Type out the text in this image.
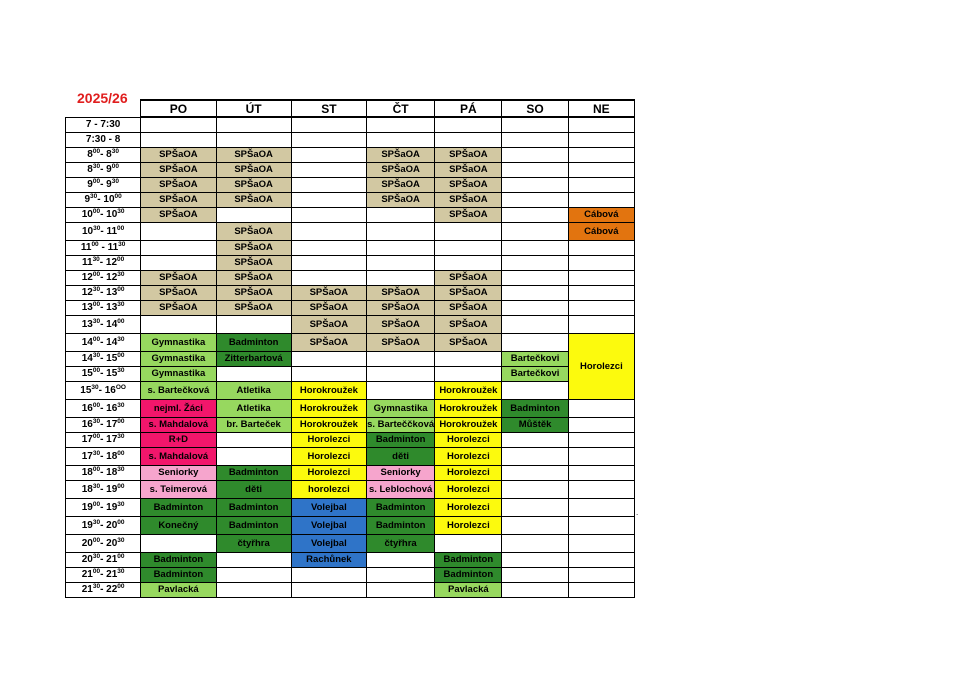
2025/26
	PO	ÚT	ST	ČT	PÁ	SO	NE
7 - 7:30							
7:30 - 8							
$8^{00}-$ $8^{30}$	SPŠaOA	SPŠaOA		SPŠaOA	SPŠaOA		
$8^{30}-$ $9^{00}$	SPŠaOA	SPŠaOA		SPŠaOA	SPŠaOA		
$9^{00}-$ $9^{30}$	SPŠaOA	SPŠaOA		SPŠaOA	SPŠaOA		
$9^{30}-$ $10^{00}$	SPŠaOA	SPŠaOA		SPŠaOA	SPŠaOA		
$10^{00}-$ $10^{30}$	SPŠaOA				SPŠaOA		Cábová
$10^{30}-$ $11^{00}$		SPŠaOA					Cábová
$11^{00} - 11^{30}$		SPŠaOA					
$11^{30}-$ $12^{00}$		SPŠaOA					
$12^{00}-$ $12^{30}$	SPŠaOA	SPŠaOA			SPŠaOA		
$12^{30}-$ $13^{00}$	SPŠaOA	SPŠaOA	SPŠaOA	SPŠaOA	SPŠaOA		
$13^{00}-$ $13^{30}$	SPŠaOA	SPŠaOA	SPŠaOA	SPŠaOA	SPŠaOA		
$13^{30}-$ $14^{00}$			SPŠaOA	SPŠaOA	SPŠaOA		
$14^{00}-$ $14^{30}$	Gymnastika	Badminton	SPŠaOA	SPŠaOA	SPŠaOA		Horolezci
$14^{30}-$ $15^{00}$	Gymnastika	Zitterbartová				Bartečkovi	
$15^{00}-$ $15^{30}$	Gymnastika					Bartečkovi	
$15^{30}-$ $16^{OO}$	s. Bartečková	Atletika	Horokroužek		Horokroužek		
$16^{00}-$ $16^{30}$	nejml. Žáci	Atletika	Horokroužek	Gymnastika	Horokroužek	Badminton	
$16^{30}-$ $17^{00}$	s. Mahdalová	br. Barteček	Horokroužek	s. Barteččková	Horokroužek	Můštěk	
$17^{00}-$ $17^{30}$	R+D		Horolezci	Badminton	Horolezci		
$17^{30}-$ $18^{00}$	s. Mahdalová		Horolezci	děti	Horolezci		
$18^{00}-$ $18^{30}$	Seniorky	Badminton	Horolezci	Seniorky	Horolezci		
$18^{30}-$ $19^{00}$	s. Teimerová	děti	horolezci	s. Leblochová	Horolezci		
$19^{00}-$ $19^{30}$	Badminton	Badminton	Volejbal	Badminton	Horolezci		
$19^{30}-$ $20^{00}$	Konečný	Badminton	Volejbal	Badminton	Horolezci		
$20^{00}-$ $20^{30}$		čtyřhra	Volejbal	čtyřhra			
$20^{30}-$ $21^{00}$	Badminton		Rachůnek		Badminton		
$21^{00}-$ $21^{30}$	Badminton				Badminton		
$21^{30}-$ $22^{00}$	Pavlacká				Pavlacká		
.
